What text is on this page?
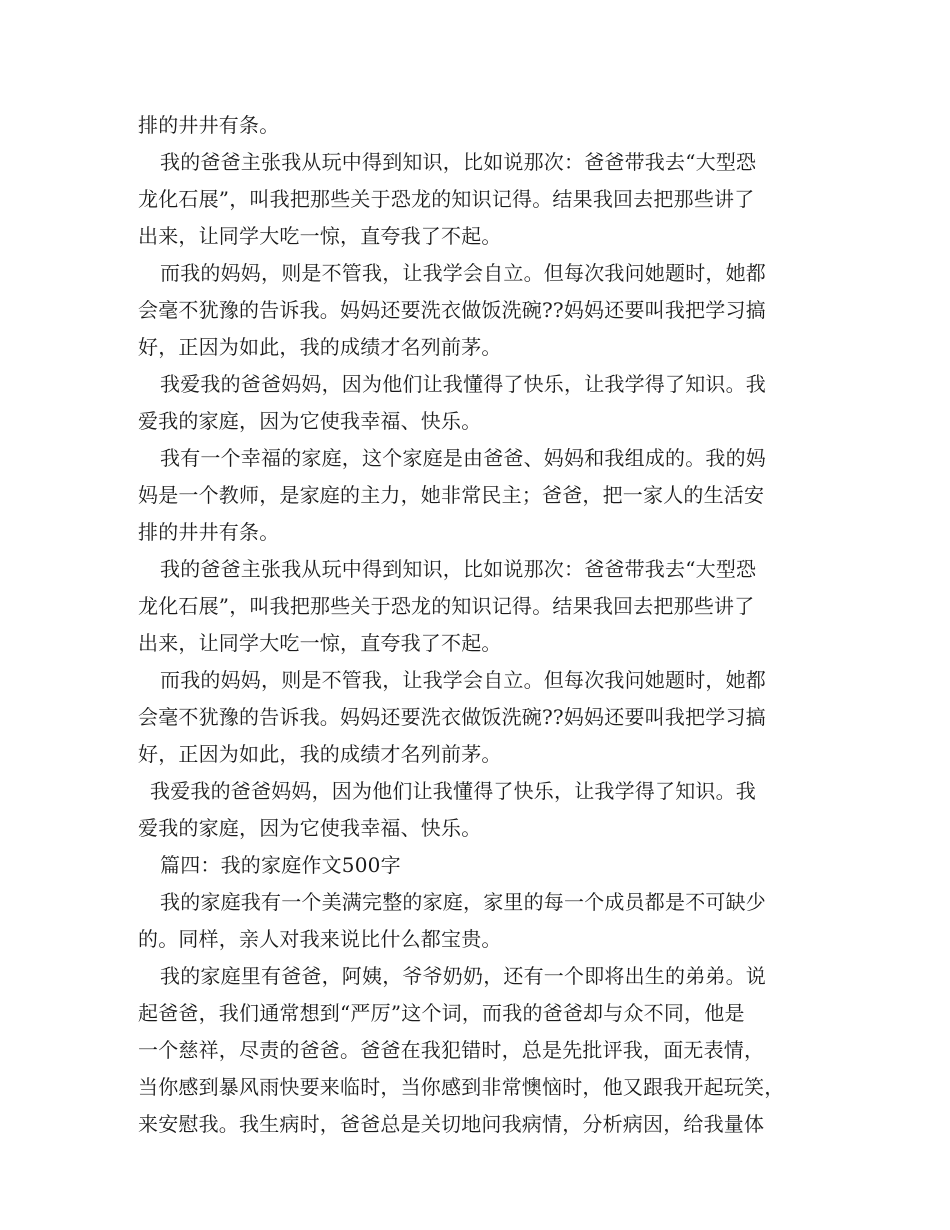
排的井井有条。
我的爸爸主张我从玩中得到知识，比如说那次：爸爸带我去“大型恐
龙化石展”，叫我把那些关于恐龙的知识记得。结果我回去把那些讲了
出来，让同学大吃一惊，直夸我了不起。
而我的妈妈，则是不管我，让我学会自立。但每次我问她题时，她都
会毫不犹豫的告诉我。妈妈还要洗衣做饭洗碗??妈妈还要叫我把学习搞
好，正因为如此，我的成绩才名列前茅。
我爱我的爸爸妈妈，因为他们让我懂得了快乐，让我学得了知识。我
爱我的家庭，因为它使我幸福、快乐。
我有一个幸福的家庭，这个家庭是由爸爸、妈妈和我组成的。我的妈
妈是一个教师，是家庭的主力，她非常民主；爸爸，把一家人的生活安
排的井井有条。
我的爸爸主张我从玩中得到知识，比如说那次：爸爸带我去“大型恐
龙化石展”，叫我把那些关于恐龙的知识记得。结果我回去把那些讲了
出来，让同学大吃一惊，直夸我了不起。
而我的妈妈，则是不管我，让我学会自立。但每次我问她题时，她都
会毫不犹豫的告诉我。妈妈还要洗衣做饭洗碗??妈妈还要叫我把学习搞
好，正因为如此，我的成绩才名列前茅。
我爱我的爸爸妈妈，因为他们让我懂得了快乐，让我学得了知识。我
爱我的家庭，因为它使我幸福、快乐。
篇四：我的家庭作文500字
我的家庭我有一个美满完整的家庭，家里的每一个成员都是不可缺少
的。同样，亲人对我来说比什么都宝贵。
我的家庭里有爸爸，阿姨，爷爷奶奶，还有一个即将出生的弟弟。说
起爸爸，我们通常想到“严厉”这个词，而我的爸爸却与众不同，他是
一个慈祥，尽责的爸爸。爸爸在我犯错时，总是先批评我，面无表情，
当你感到暴风雨快要来临时，当你感到非常懊恼时，他又跟我开起玩笑，
来安慰我。我生病时，爸爸总是关切地问我病情，分析病因，给我量体
